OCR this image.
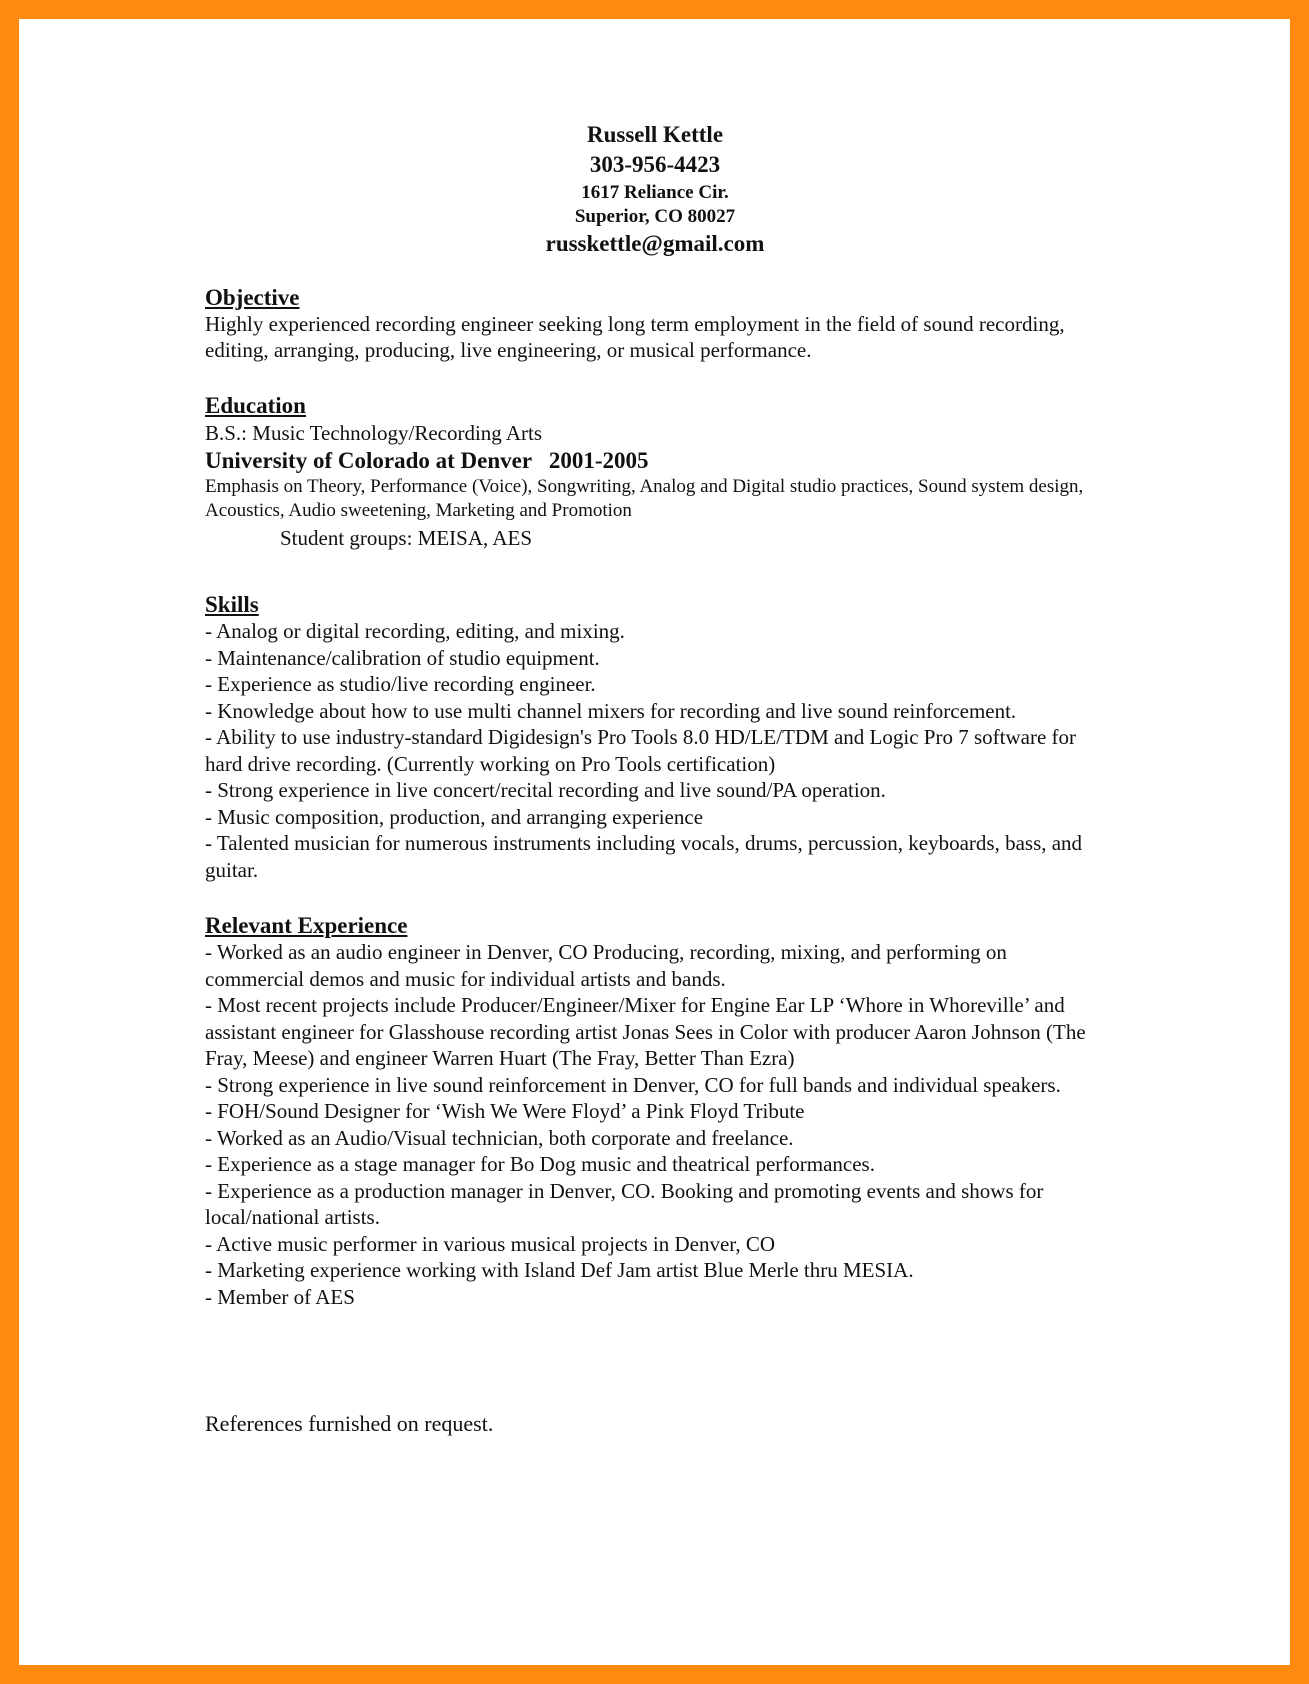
Russell Kettle
303-956-4423
1617 Reliance Cir.
Superior, CO 80027
russkettle@gmail.com
Objective
Highly experienced recording engineer seeking long term employment in the field of sound recording, editing, arranging, producing, live engineering, or musical performance.
Education
B.S.: Music Technology/Recording Arts
University of Colorado at Denver   2001-2005
Emphasis on Theory, Performance (Voice), Songwriting, Analog and Digital studio practices, Sound system design, Acoustics, Audio sweetening, Marketing and Promotion
Student groups: MEISA, AES
Skills
- Analog or digital recording, editing, and mixing.
- Maintenance/calibration of studio equipment.
- Experience as studio/live recording engineer.
- Knowledge about how to use multi channel mixers for recording and live sound reinforcement.
- Ability to use industry-standard Digidesign's Pro Tools 8.0 HD/LE/TDM and Logic Pro 7 software for hard drive recording. (Currently working on Pro Tools certification)
- Strong experience in live concert/recital recording and live sound/PA operation.
- Music composition, production, and arranging experience
- Talented musician for numerous instruments including vocals, drums, percussion, keyboards, bass, and guitar.
Relevant Experience
- Worked as an audio engineer in Denver, CO Producing, recording, mixing, and performing on commercial demos and music for individual artists and bands.
- Most recent projects include Producer/Engineer/Mixer for Engine Ear LP ‘Whore in Whoreville’ and assistant engineer for Glasshouse recording artist Jonas Sees in Color with producer Aaron Johnson (The Fray, Meese) and engineer Warren Huart (The Fray, Better Than Ezra)
- Strong experience in live sound reinforcement in Denver, CO for full bands and individual speakers.
- FOH/Sound Designer for ‘Wish We Were Floyd’ a Pink Floyd Tribute
- Worked as an Audio/Visual technician, both corporate and freelance.
- Experience as a stage manager for Bo Dog music and theatrical performances.
- Experience as a production manager in Denver, CO. Booking and promoting events and shows for local/national artists.
- Active music performer in various musical projects in Denver, CO
- Marketing experience working with Island Def Jam artist Blue Merle thru MESIA.
- Member of AES
References furnished on request.
